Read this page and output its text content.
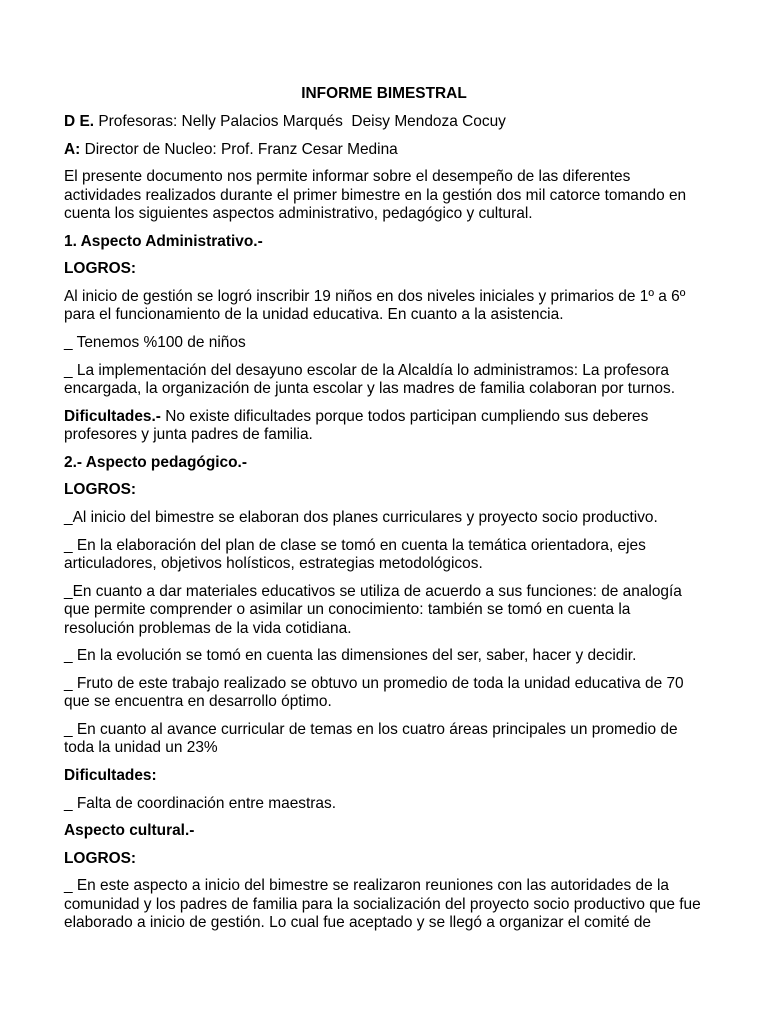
INFORME BIMESTRAL
D E. Profesoras: Nelly Palacios Marqués  Deisy Mendoza Cocuy
A: Director de Nucleo: Prof. Franz Cesar Medina
El presente documento nos permite informar sobre el desempeño de las diferentes
actividades realizados durante el primer bimestre en la gestión dos mil catorce tomando en
cuenta los siguientes aspectos administrativo, pedagógico y cultural.
1. Aspecto Administrativo.-
LOGROS:
Al inicio de gestión se logró inscribir 19 niños en dos niveles iniciales y primarios de 1º a 6º
para el funcionamiento de la unidad educativa. En cuanto a la asistencia.
_ Tenemos %100 de niños
_ La implementación del desayuno escolar de la Alcaldía lo administramos: La profesora
encargada, la organización de junta escolar y las madres de familia colaboran por turnos.
Dificultades.- No existe dificultades porque todos participan cumpliendo sus deberes
profesores y junta padres de familia.
2.- Aspecto pedagógico.-
LOGROS:
_Al inicio del bimestre se elaboran dos planes curriculares y proyecto socio productivo.
_ En la elaboración del plan de clase se tomó en cuenta la temática orientadora, ejes
articuladores, objetivos holísticos, estrategias metodológicos.
_En cuanto a dar materiales educativos se utiliza de acuerdo a sus funciones: de analogía
que permite comprender o asimilar un conocimiento: también se tomó en cuenta la
resolución problemas de la vida cotidiana.
_ En la evolución se tomó en cuenta las dimensiones del ser, saber, hacer y decidir.
_ Fruto de este trabajo realizado se obtuvo un promedio de toda la unidad educativa de 70
que se encuentra en desarrollo óptimo.
_ En cuanto al avance curricular de temas en los cuatro áreas principales un promedio de
toda la unidad un 23%
Dificultades:
_ Falta de coordinación entre maestras.
Aspecto cultural.-
LOGROS:
_ En este aspecto a inicio del bimestre se realizaron reuniones con las autoridades de la
comunidad y los padres de familia para la socialización del proyecto socio productivo que fue
elaborado a inicio de gestión. Lo cual fue aceptado y se llegó a organizar el comité de
